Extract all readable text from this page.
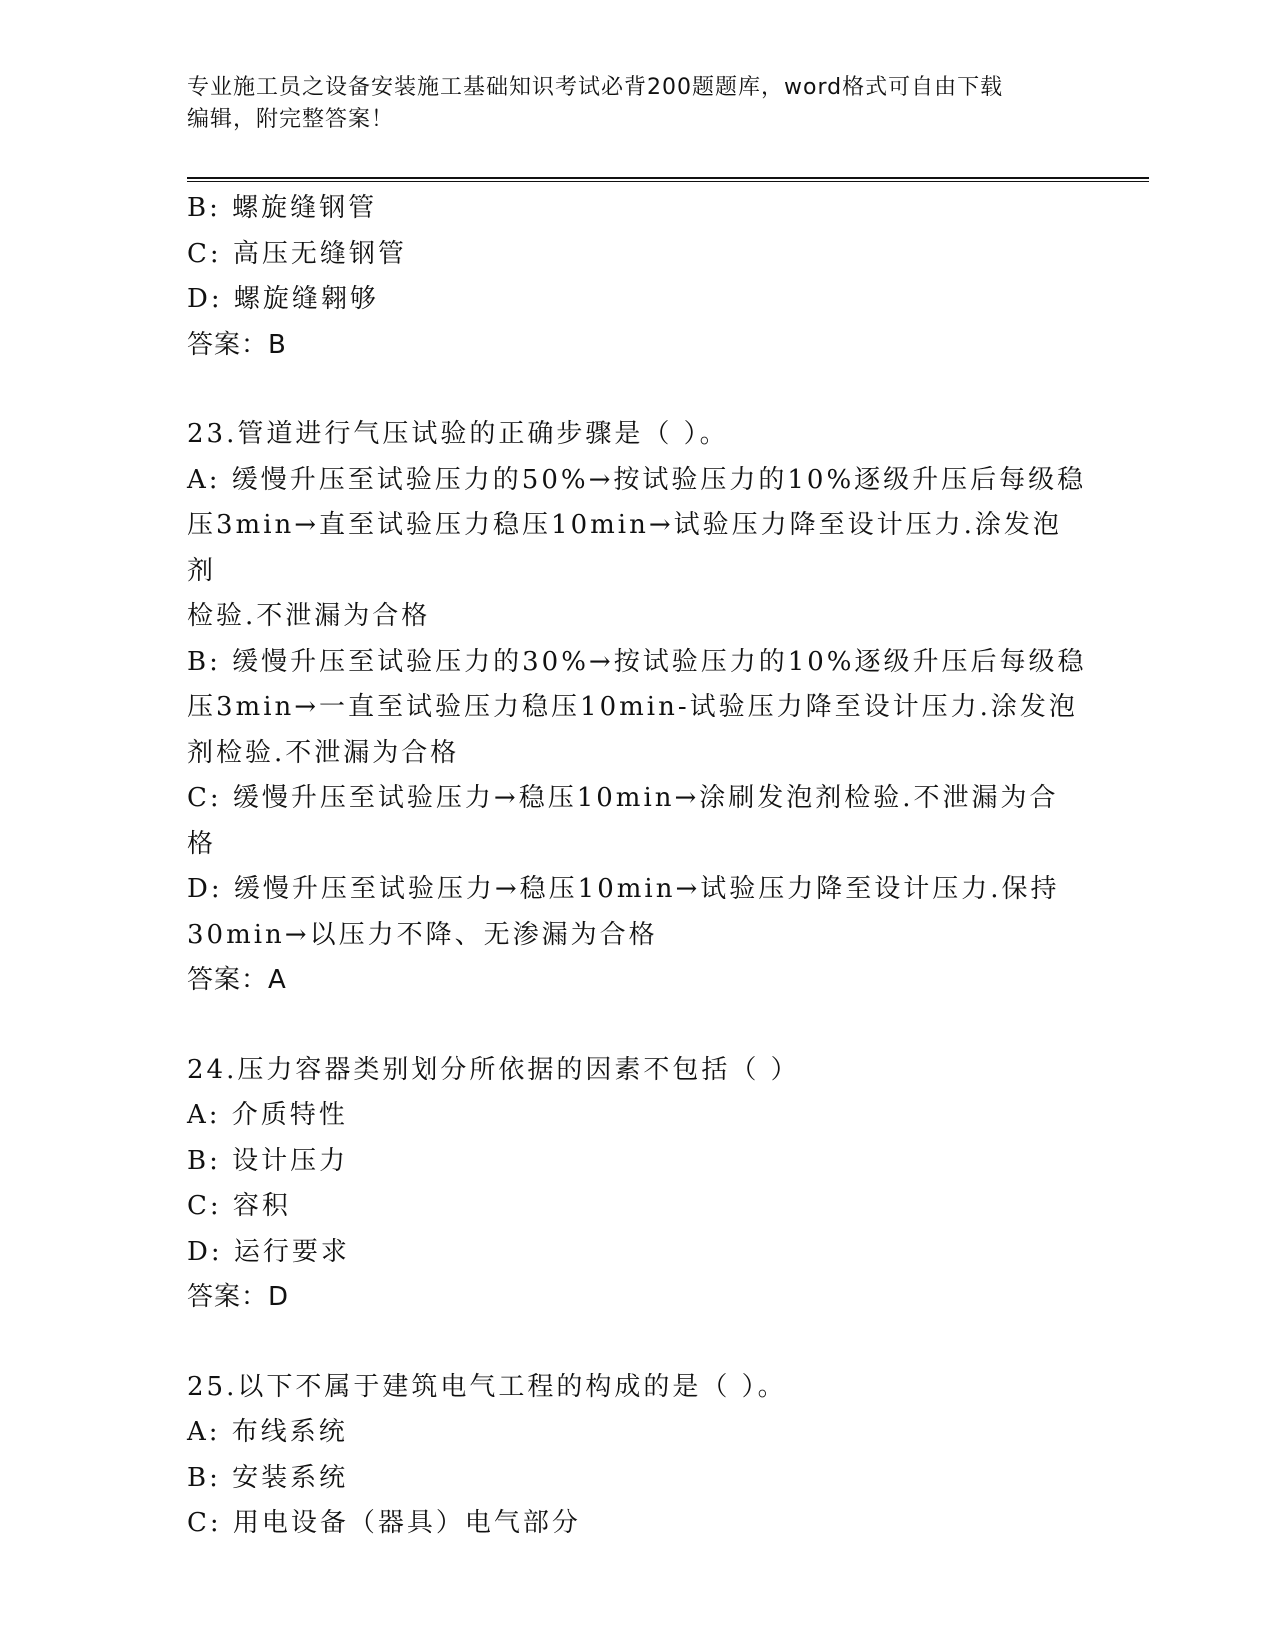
专业施工员之设备安装施工基础知识考试必背200题题库，word格式可自由下载
编辑，附完整答案！

B: 螺旋缝钢管

C: 高压无缝钢管

D: 螺旋缝翱够

答案：B

23.管道进行气压试验的正确步骤是（ ）。

A: 缓慢升压至试验压力的50%→按试验压力的10%逐级升压后每级稳

压3min→直至试验压力稳压10min→试验压力降至设计压力.涂发泡剂

检验.不泄漏为合格

B: 缓慢升压至试验压力的30%→按试验压力的10%逐级升压后每级稳

压3min→一直至试验压力稳压10min-试验压力降至设计压力.涂发泡

剂检验.不泄漏为合格

C: 缓慢升压至试验压力→稳压10min→涂刷发泡剂检验.不泄漏为合格

D: 缓慢升压至试验压力→稳压10min→试验压力降至设计压力.保持

30min→以压力不降、无渗漏为合格

答案：A

24.压力容器类别划分所依据的因素不包括（ ）

A: 介质特性

B: 设计压力

C: 容积

D: 运行要求

答案：D

25.以下不属于建筑电气工程的构成的是（ ）。

A: 布线系统

B: 安装系统

C: 用电设备（器具）电气部分
